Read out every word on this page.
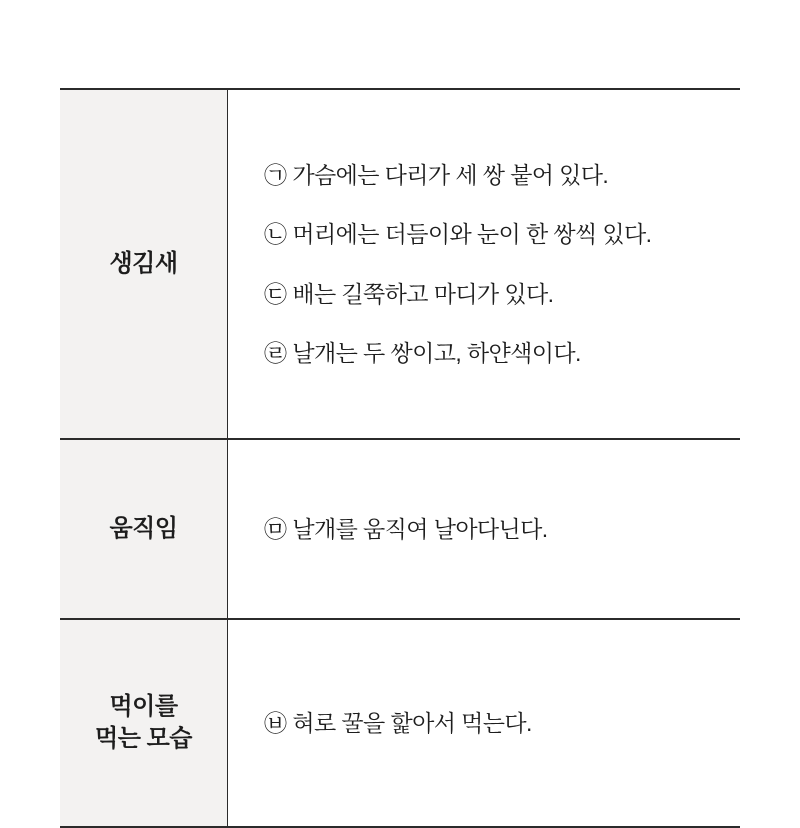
생김새	㉠ 가슴에는 다리가 세 쌍 붙어 있다.
㉡ 머리에는 더듬이와 눈이 한 쌍씩 있다.
㉢ 배는 길쭉하고 마디가 있다.
㉣ 날개는 두 쌍이고, 하얀색이다.

움직임	㉤ 날개를 움직여 날아다닌다.

먹이를
먹는 모습	㉥ 혀로 꿀을 핥아서 먹는다.
